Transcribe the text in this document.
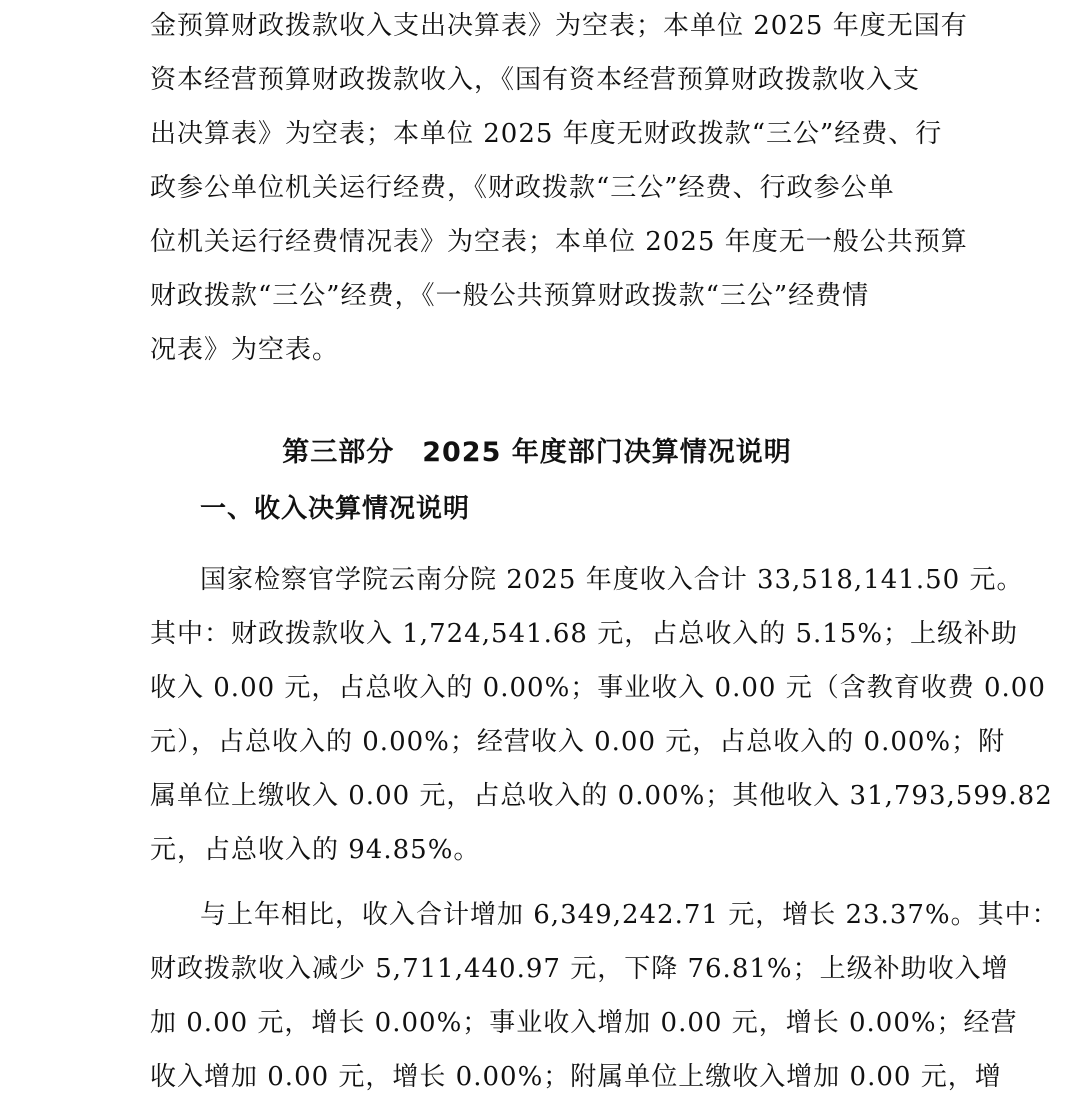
金预算财政拨款收入支出决算表》为空表；本单位 2025 年度无国有
资本经营预算财政拨款收入，《国有资本经营预算财政拨款收入支
出决算表》为空表；本单位 2025 年度无财政拨款“三公”经费、行
政参公单位机关运行经费，《财政拨款“三公”经费、行政参公单
位机关运行经费情况表》为空表；本单位 2025 年度无一般公共预算
财政拨款“三公”经费，《一般公共预算财政拨款“三公”经费情
况表》为空表。
第三部分　2025 年度部门决算情况说明
一、收入决算情况说明
国家检察官学院云南分院 2025 年度收入合计 33,518,141.50 元。
其中：财政拨款收入 1,724,541.68 元，占总收入的 5.15%；上级补助
收入 0.00 元，占总收入的 0.00%；事业收入 0.00 元（含教育收费 0.00
元），占总收入的 0.00%；经营收入 0.00 元，占总收入的 0.00%；附
属单位上缴收入 0.00 元，占总收入的 0.00%；其他收入 31,793,599.82
元，占总收入的 94.85%。
与上年相比，收入合计增加 6,349,242.71 元，增长 23.37%。其中：
财政拨款收入减少 5,711,440.97 元，下降 76.81%；上级补助收入增
加 0.00 元，增长 0.00%；事业收入增加 0.00 元，增长 0.00%；经营
收入增加 0.00 元，增长 0.00%；附属单位上缴收入增加 0.00 元，增
